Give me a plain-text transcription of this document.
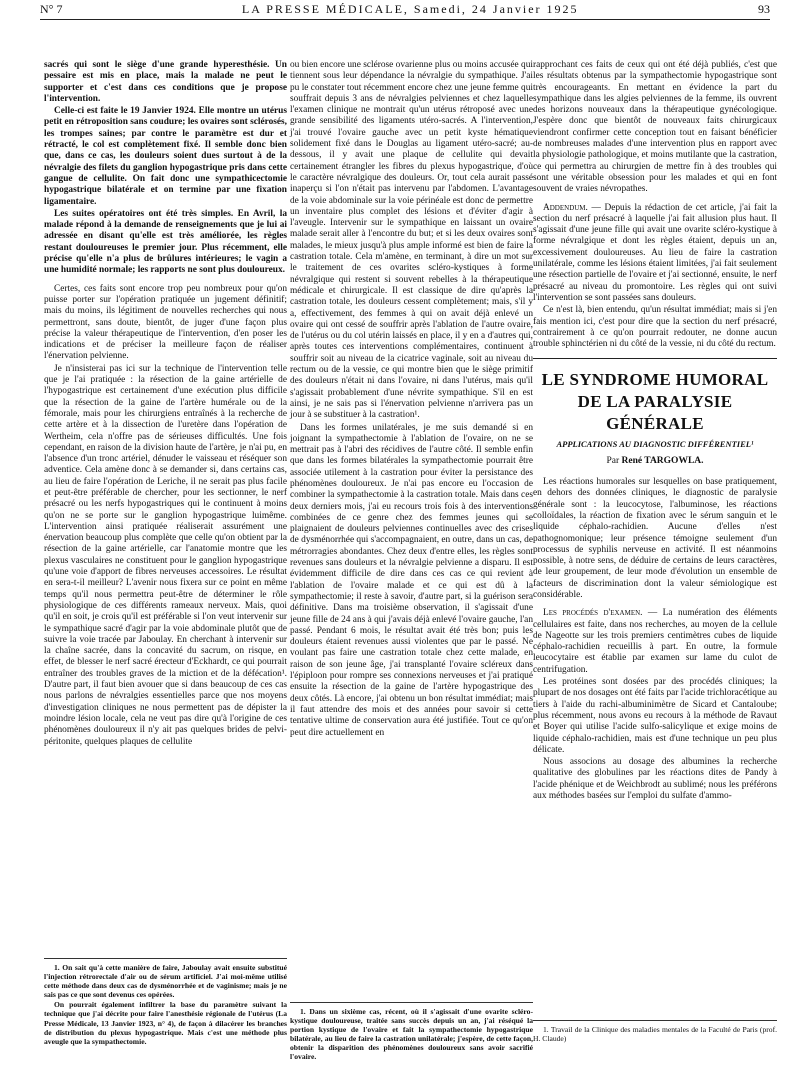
N° 7	LA PRESSE MÉDICALE, Samedi, 24 Janvier 1925	93

sacrés qui sont le siège d'une grande hyperesthésie. Un pessaire est mis en place, mais la malade ne peut le supporter et c'est dans ces conditions que je propose l'intervention.

Celle-ci est faite le 19 Janvier 1924. Elle montre un utérus petit en rétroposition sans coudure; les ovaires sont sclérosés, les trompes saines; par contre le paramètre est dur et rétracté, le col est complètement fixé. Il semble donc bien que, dans ce cas, les douleurs soient dues surtout à de la névralgie des filets du ganglion hypogastrique pris dans cette gangue de cellulite. On fait donc une sympathicectomie hypogastrique bilatérale et on termine par une fixation ligamentaire.

Les suites opératoires ont été très simples. En Avril, la malade répond à la demande de renseignements que je lui ai adressée en disant qu'elle est très améliorée, les règles restant douloureuses le premier jour. Plus récemment, elle précise qu'elle n'a plus de brûlures intérieures; le vagin a une humidité normale; les rapports ne sont plus douloureux.

Certes, ces faits sont encore trop peu nombreux pour qu'on puisse porter sur l'opération pratiquée un jugement définitif; mais du moins, ils légitiment de nouvelles recherches qui nous permettront, sans doute, bientôt, de juger d'une façon plus précise la valeur thérapeutique de l'intervention, d'en poser les indications et de préciser la meilleure façon de réaliser l'énervation pelvienne.

Je n'insisterai pas ici sur la technique de l'intervention telle que je l'ai pratiquée : la résection de la gaine artérielle de l'hypogastrique est certainement d'une exécution plus difficile que la résection de la gaine de l'artère humérale ou de la fémorale, mais pour les chirurgiens entraînés à la recherche de cette artère et à la dissection de l'uretère dans l'opération de Wertheim, cela n'offre pas de sérieuses difficultés. Une fois cependant, en raison de la division haute de l'artère, je n'ai pu, en l'absence d'un tronc artériel, dénuder le vaisseau et réséquer son adventice. Cela amène donc à se demander si, dans certains cas, au lieu de faire l'opération de Leriche, il ne serait pas plus facile et peut-être préférable de chercher, pour les sectionner, le nerf présacré ou les nerfs hypogastriques qui le continuent à moins qu'on ne se porte sur le ganglion hypogastrique luimême. L'intervention ainsi pratiquée réaliserait assurément une énervation beaucoup plus complète que celle qu'on obtient par la résection de la gaine artérielle, car l'anatomie montre que les plexus vasculaires ne constituent pour le ganglion hypogastrique qu'une voie d'apport de fibres nerveuses accessoires. Le résultat en sera-t-il meilleur? L'avenir nous fixera sur ce point en même temps qu'il nous permettra peut-être de déterminer le rôle physiologique de ces différents rameaux nerveux. Mais, quoi qu'il en soit, je crois qu'il est préférable si l'on veut intervenir sur le sympathique sacré d'agir par la voie abdominale plutôt que de suivre la voie tracée par Jaboulay. En cherchant à intervenir sur la chaîne sacrée, dans la concavité du sacrum, on risque, en effet, de blesser le nerf sacré érecteur d'Eckhardt, ce qui pourrait entraîner des troubles graves de la miction et de la défécation¹. D'autre part, il faut bien avouer que si dans beaucoup de ces cas nous parlons de névralgies essentielles parce que nos moyens d'investigation cliniques ne nous permettent pas de dépister la moindre lésion locale, cela ne veut pas dire qu'à l'origine de ces phénomènes douloureux il n'y ait pas quelques brides de pelvi-péritonite, quelques plaques de cellulite

1. On sait qu'à cette manière de faire, Jaboulay avait ensuite substitué l'injection rétrorectale d'air ou de sérum artificiel. J'ai moi-même utilisé cette méthode dans deux cas de dysménorrhée et de vaginisme; mais je ne sais pas ce que sont devenus ces opérées.

On pourrait également infiltrer la base du paramètre suivant la technique que j'ai décrite pour faire l'anesthésie régionale de l'utérus (La Presse Médicale, 13 Janvier 1923, n° 4), de façon à dilacérer les branches de distribution du plexus hypogastrique. Mais c'est une méthode plus aveugle que la sympathectomie.

ou bien encore une sclérose ovarienne plus ou moins accusée qui tiennent sous leur dépendance la névralgie du sympathique. J'ai pu le constater tout récemment encore chez une jeune femme qui souffrait depuis 3 ans de névralgies pelviennes et chez laquelle l'examen clinique ne montrait qu'un utérus rétroposé avec une grande sensibilité des ligaments utéro-sacrés. A l'intervention, j'ai trouvé l'ovaire gauche avec un petit kyste hématique solidement fixé dans le Douglas au ligament utéro-sacré; au-dessous, il y avait une plaque de cellulite qui devait certainement étrangler les fibres du plexus hypogastrique, d'où le caractère névralgique des douleurs. Or, tout cela aurait passé inaperçu si l'on n'était pas intervenu par l'abdomen. L'avantage de la voie abdominale sur la voie périnéale est donc de permettre un inventaire plus complet des lésions et d'éviter d'agir à l'aveugle. Intervenir sur le sympathique en laissant un ovaire malade serait aller à l'encontre du but; et si les deux ovaires sont malades, le mieux jusqu'à plus ample informé est bien de faire la castration totale. Cela m'amène, en terminant, à dire un mot sur le traitement de ces ovarites scléro-kystiques à forme névralgique qui restent si souvent rebelles à la thérapeutique médicale et chirurgicale. Il est classique de dire qu'après la castration totale, les douleurs cessent complètement; mais, s'il y a, effectivement, des femmes à qui on avait déjà enlevé un ovaire qui ont cessé de souffrir après l'ablation de l'autre ovaire, de l'utérus ou du col utérin laissés en place, il y en a d'autres qui, après toutes ces interventions complémentaires, continuent à souffrir soit au niveau de la cicatrice vaginale, soit au niveau du rectum ou de la vessie, ce qui montre bien que le siège primitif des douleurs n'était ni dans l'ovaire, ni dans l'utérus, mais qu'il s'agissait probablement d'une névrite sympathique. S'il en est ainsi, je ne sais pas si l'énervation pelvienne n'arrivera pas un jour à se substituer à la castration¹.

Dans les formes unilatérales, je me suis demandé si en joignant la sympathectomie à l'ablation de l'ovaire, on ne se mettrait pas à l'abri des récidives de l'autre côté. Il semble enfin que dans les formes bilatérales la sympathectomie pourrait être associée utilement à la castration pour éviter la persistance des phénomènes douloureux. Je n'ai pas encore eu l'occasion de combiner la sympathectomie à la castration totale. Mais dans ces deux derniers mois, j'ai eu recours trois fois à des interventions combinées de ce genre chez des femmes jeunes qui se plaignaient de douleurs pelviennes continuelles avec des crises de dysménorrhée qui s'accompagnaient, en outre, dans un cas, de métrorragies abondantes. Chez deux d'entre elles, les règles sont revenues sans douleurs et la névralgie pelvienne a disparu. Il est évidemment difficile de dire dans ces cas ce qui revient à l'ablation de l'ovaire malade et ce qui est dû à la sympathectomie; il reste à savoir, d'autre part, si la guérison sera définitive. Dans ma troisième observation, il s'agissait d'une jeune fille de 24 ans à qui j'avais déjà enlevé l'ovaire gauche, l'an passé. Pendant 6 mois, le résultat avait été très bon; puis les douleurs étaient revenues aussi violentes que par le passé. Ne voulant pas faire une castration totale chez cette malade, en raison de son jeune âge, j'ai transplanté l'ovaire scléreux dans l'épiploon pour rompre ses connexions nerveuses et j'ai pratiqué ensuite la résection de la gaine de l'artère hypogastrique des deux côtés. Là encore, j'ai obtenu un bon résultat immédiat; mais il faut attendre des mois et des années pour savoir si cette tentative ultime de conservation aura été justifiée. Tout ce qu'on peut dire actuellement en

1. Dans un sixième cas, récent, où il s'agissait d'une ovarite scléro-kystique douloureuse, traitée sans succès depuis un an, j'ai réséqué la portion kystique de l'ovaire et fait la sympathectomie hypogastrique bilatérale, au lieu de faire la castration unilatérale; j'espère, de cette façon, obtenir la disparition des phénomènes douloureux sans avoir sacrifié l'ovaire.

rapprochant ces faits de ceux qui ont été déjà publiés, c'est que les résultats obtenus par la sympathectomie hypogastrique sont très encourageants. En mettant en évidence la part du sympathique dans les algies pelviennes de la femme, ils ouvrent des horizons nouveaux dans la thérapeutique gynécologique. J'espère donc que bientôt de nouveaux faits chirurgicaux viendront confirmer cette conception tout en faisant bénéficier de nombreuses malades d'une intervention plus en rapport avec la physiologie pathologique, et moins mutilante que la castration, ce qui permettra au chirurgien de mettre fin à des troubles qui sont une véritable obsession pour les malades et qui en font souvent de vraies névropathes.

Addendum. — Depuis la rédaction de cet article, j'ai fait la section du nerf présacré à laquelle j'ai fait allusion plus haut. Il s'agissait d'une jeune fille qui avait une ovarite scléro-kystique à forme névralgique et dont les règles étaient, depuis un an, excessivement douloureuses. Au lieu de faire la castration unilatérale, comme les lésions étaient limitées, j'ai fait seulement une résection partielle de l'ovaire et j'ai sectionné, ensuite, le nerf présacré au niveau du promontoire. Les règles qui ont suivi l'intervention se sont passées sans douleurs.

Ce n'est là, bien entendu, qu'un résultat immédiat; mais si j'en fais mention ici, c'est pour dire que la section du nerf présacré, contrairement à ce qu'on pourrait redouter, ne donne aucun trouble sphinctérien ni du côté de la vessie, ni du côté du rectum.

LE SYNDROME HUMORAL
DE LA PARALYSIE GÉNÉRALE
APPLICATIONS AU DIAGNOSTIC DIFFÉRENTIEL¹
Par René TARGOWLA.

Les réactions humorales sur lesquelles on base pratiquement, en dehors des données cliniques, le diagnostic de paralysie générale sont : la leucocytose, l'albuminose, les réactions colloïdales, la réaction de fixation avec le sérum sanguin et le liquide céphalo-rachidien. Aucune d'elles n'est pathognomonique; leur présence témoigne seulement d'un processus de syphilis nerveuse en activité. Il est néanmoins possible, à notre sens, de déduire de certains de leurs caractères, de leur groupement, de leur mode d'évolution un ensemble de facteurs de discrimination dont la valeur sémiologique est considérable.

Les procédés d'examen. — La numération des éléments cellulaires est faite, dans nos recherches, au moyen de la cellule de Nageotte sur les trois premiers centimètres cubes de liquide céphalo-rachidien recueillis à part. En outre, la formule leucocytaire est établie par examen sur lame du culot de centrifugation.

Les protéines sont dosées par des procédés cliniques; la plupart de nos dosages ont été faits par l'acide trichloracétique au tiers à l'aide du rachi-albuminimètre de Sicard et Cantaloube; plus récemment, nous avons eu recours à la méthode de Ravaut et Boyer qui utilise l'acide sulfo-salicylique et exige moins de liquide céphalo-rachidien, mais est d'une technique un peu plus délicate.

Nous associons au dosage des albumines la recherche qualitative des globulines par les réactions dites de Pandy à l'acide phénique et de Weichbrodt au sublimé; nous les préférons aux méthodes basées sur l'emploi du sulfate d'ammo-

1. Travail de la Clinique des maladies mentales de la Faculté de Paris (prof. H. Claude)
